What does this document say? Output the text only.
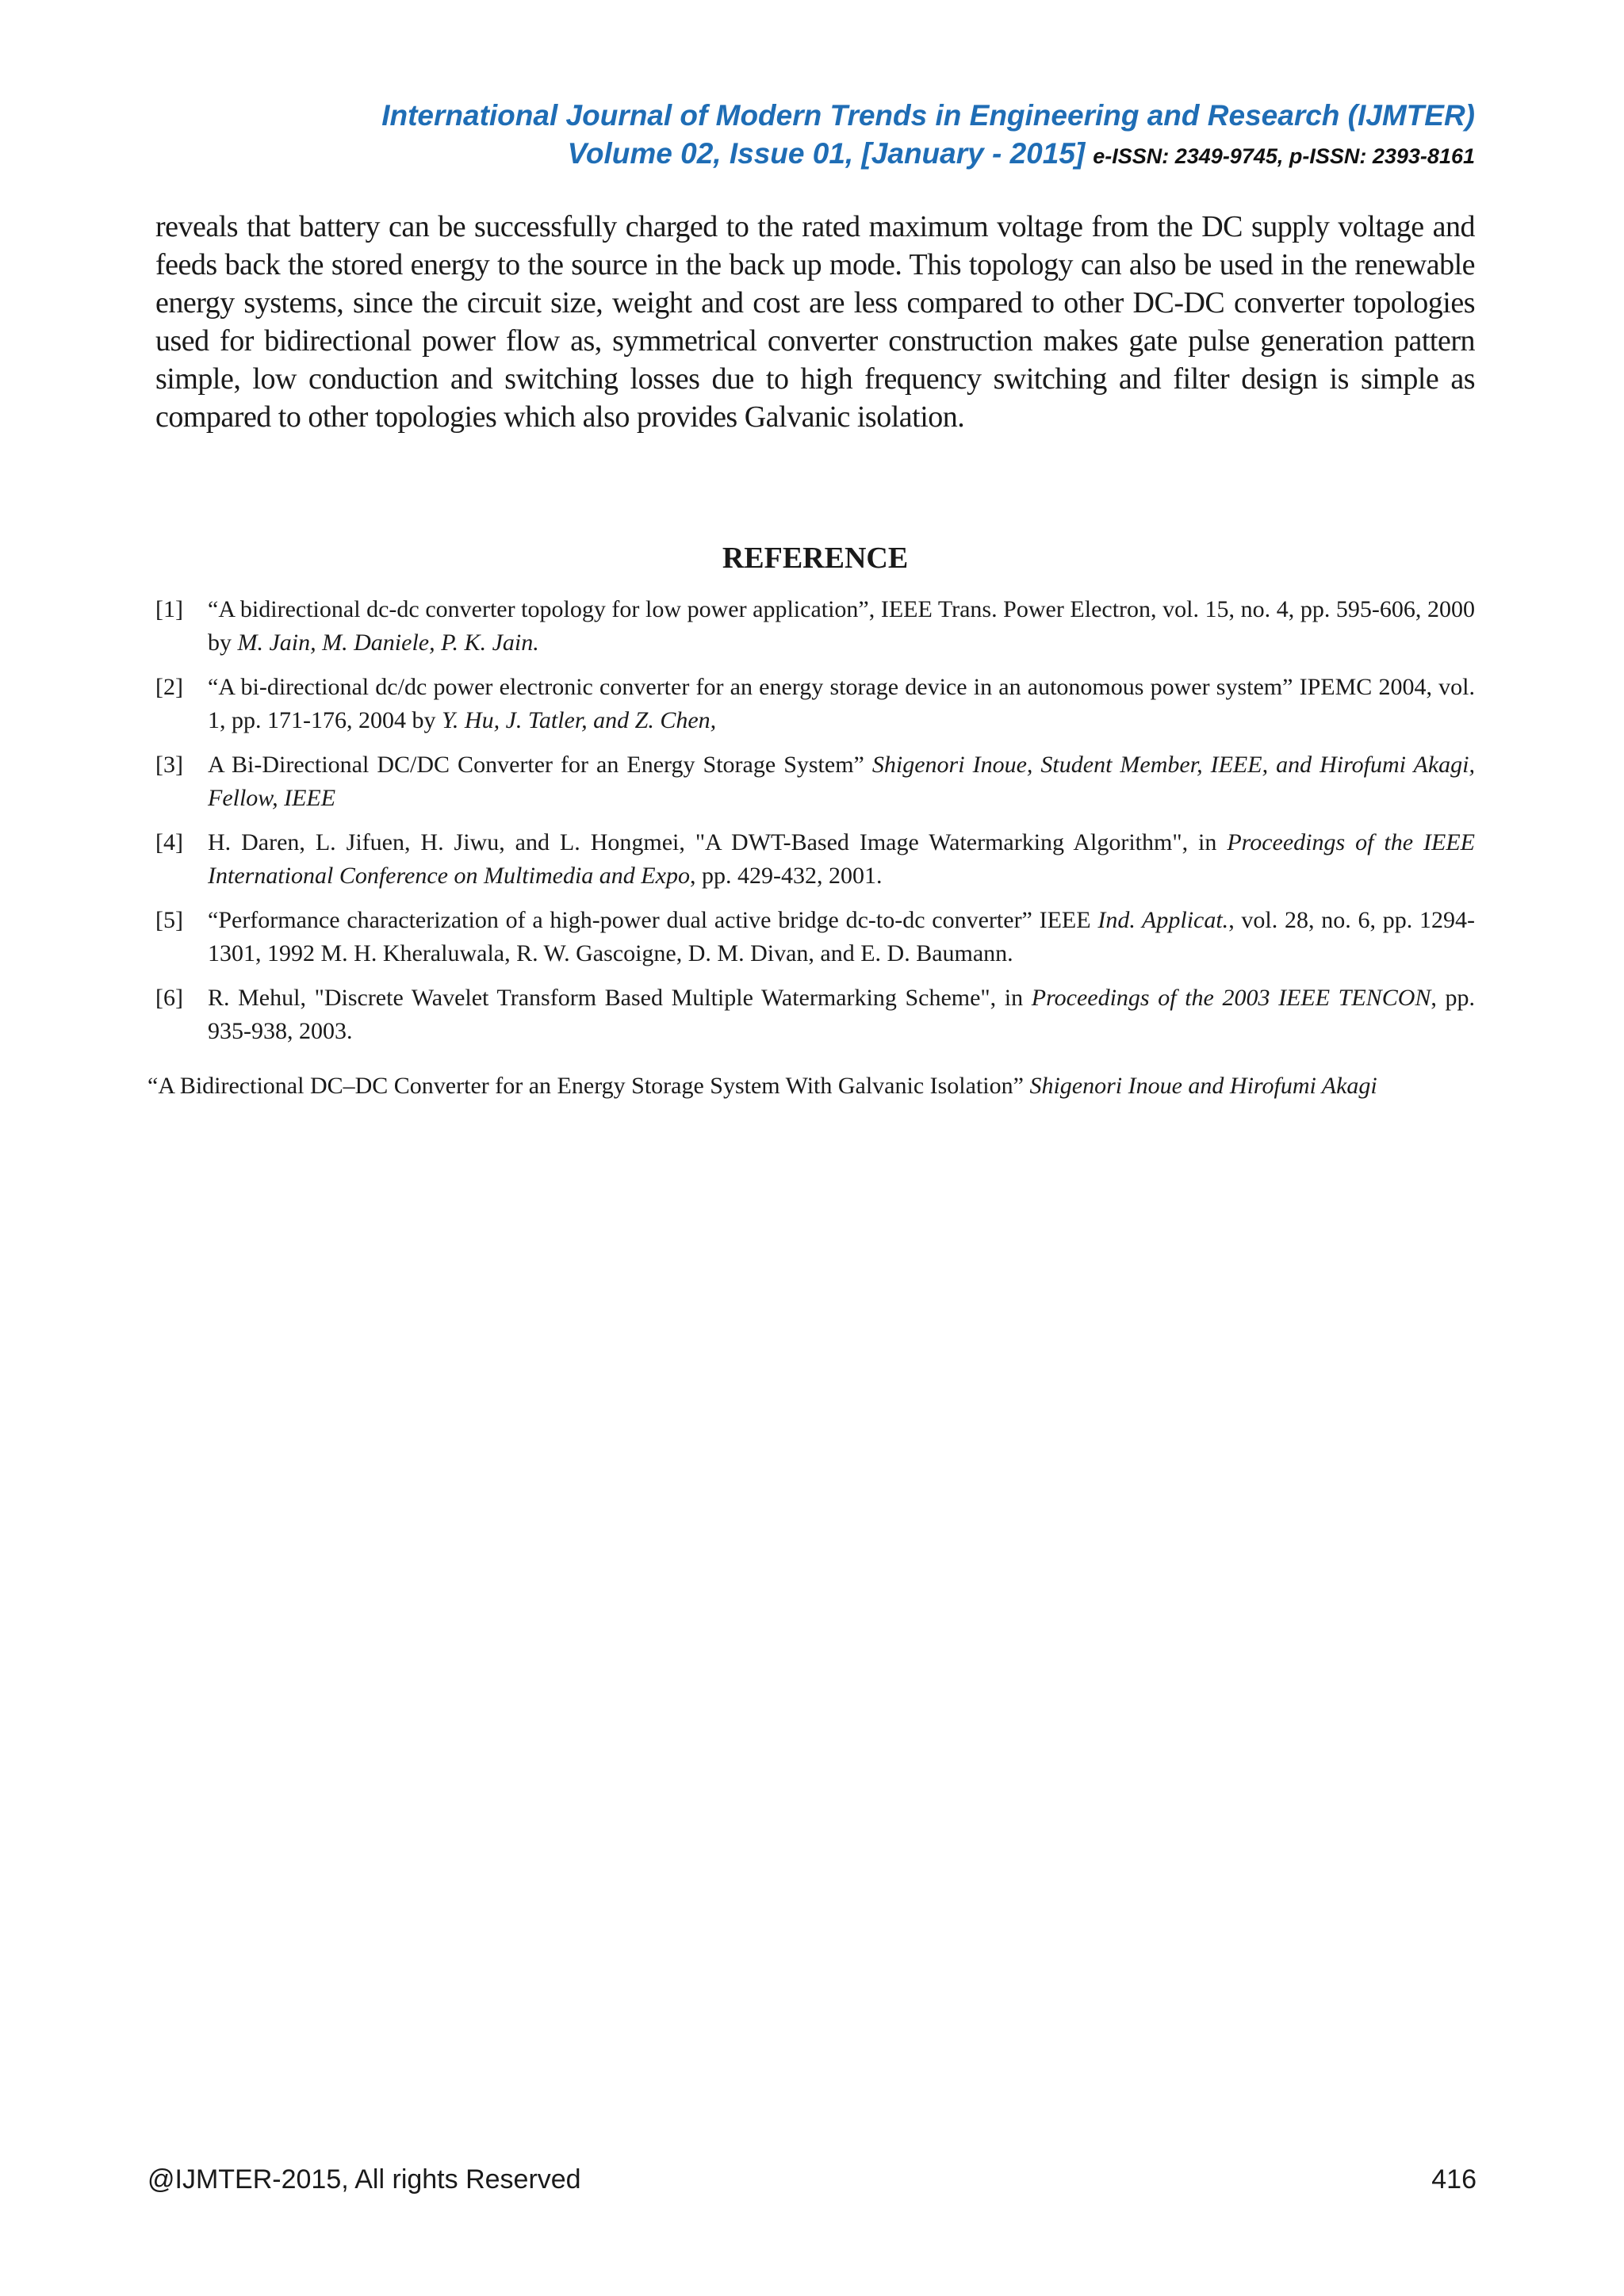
International Journal of Modern Trends in Engineering and Research (IJMTER)
Volume 02, Issue 01, [January - 2015] e-ISSN: 2349-9745, p-ISSN: 2393-8161
reveals that battery can be successfully charged to the rated maximum voltage from the DC supply voltage and feeds back the stored energy to the source in the back up mode. This topology can also be used in the renewable energy systems, since the circuit size, weight and cost are less compared to other DC-DC converter topologies used for bidirectional power flow as, symmetrical converter construction makes gate pulse generation pattern simple, low conduction and switching losses due to high frequency switching and filter design is simple as compared to other topologies which also provides Galvanic isolation.
REFERENCE
[1]	“A bidirectional dc-dc converter topology for low power application”, IEEE Trans. Power Electron, vol. 15, no. 4, pp. 595-606, 2000 by M. Jain, M. Daniele, P. K. Jain.
[2]	“A bi-directional dc/dc power electronic converter for an energy storage device in an autonomous power system” IPEMC 2004, vol. 1, pp. 171-176, 2004 by Y. Hu, J. Tatler, and Z. Chen,
[3]	A Bi-Directional DC/DC Converter for an Energy Storage System” Shigenori Inoue, Student Member, IEEE, and Hirofumi Akagi, Fellow, IEEE
[4]	H. Daren, L. Jifuen, H. Jiwu, and L. Hongmei, "A DWT-Based Image Watermarking Algorithm", in Proceedings of the IEEE International Conference on Multimedia and Expo, pp. 429-432, 2001.
[5]	“Performance characterization of a high-power dual active bridge dc-to-dc converter” IEEE Ind. Applicat., vol. 28, no. 6, pp. 1294-1301, 1992 M. H. Kheraluwala, R. W. Gascoigne, D. M. Divan, and E. D. Baumann.
[6]	R. Mehul, "Discrete Wavelet Transform Based Multiple Watermarking Scheme", in Proceedings of the 2003 IEEE TENCON, pp. 935-938, 2003.
“A Bidirectional DC–DC Converter for an Energy Storage System With Galvanic Isolation” Shigenori Inoue and Hirofumi Akagi
@IJMTER-2015, All rights Reserved	416
